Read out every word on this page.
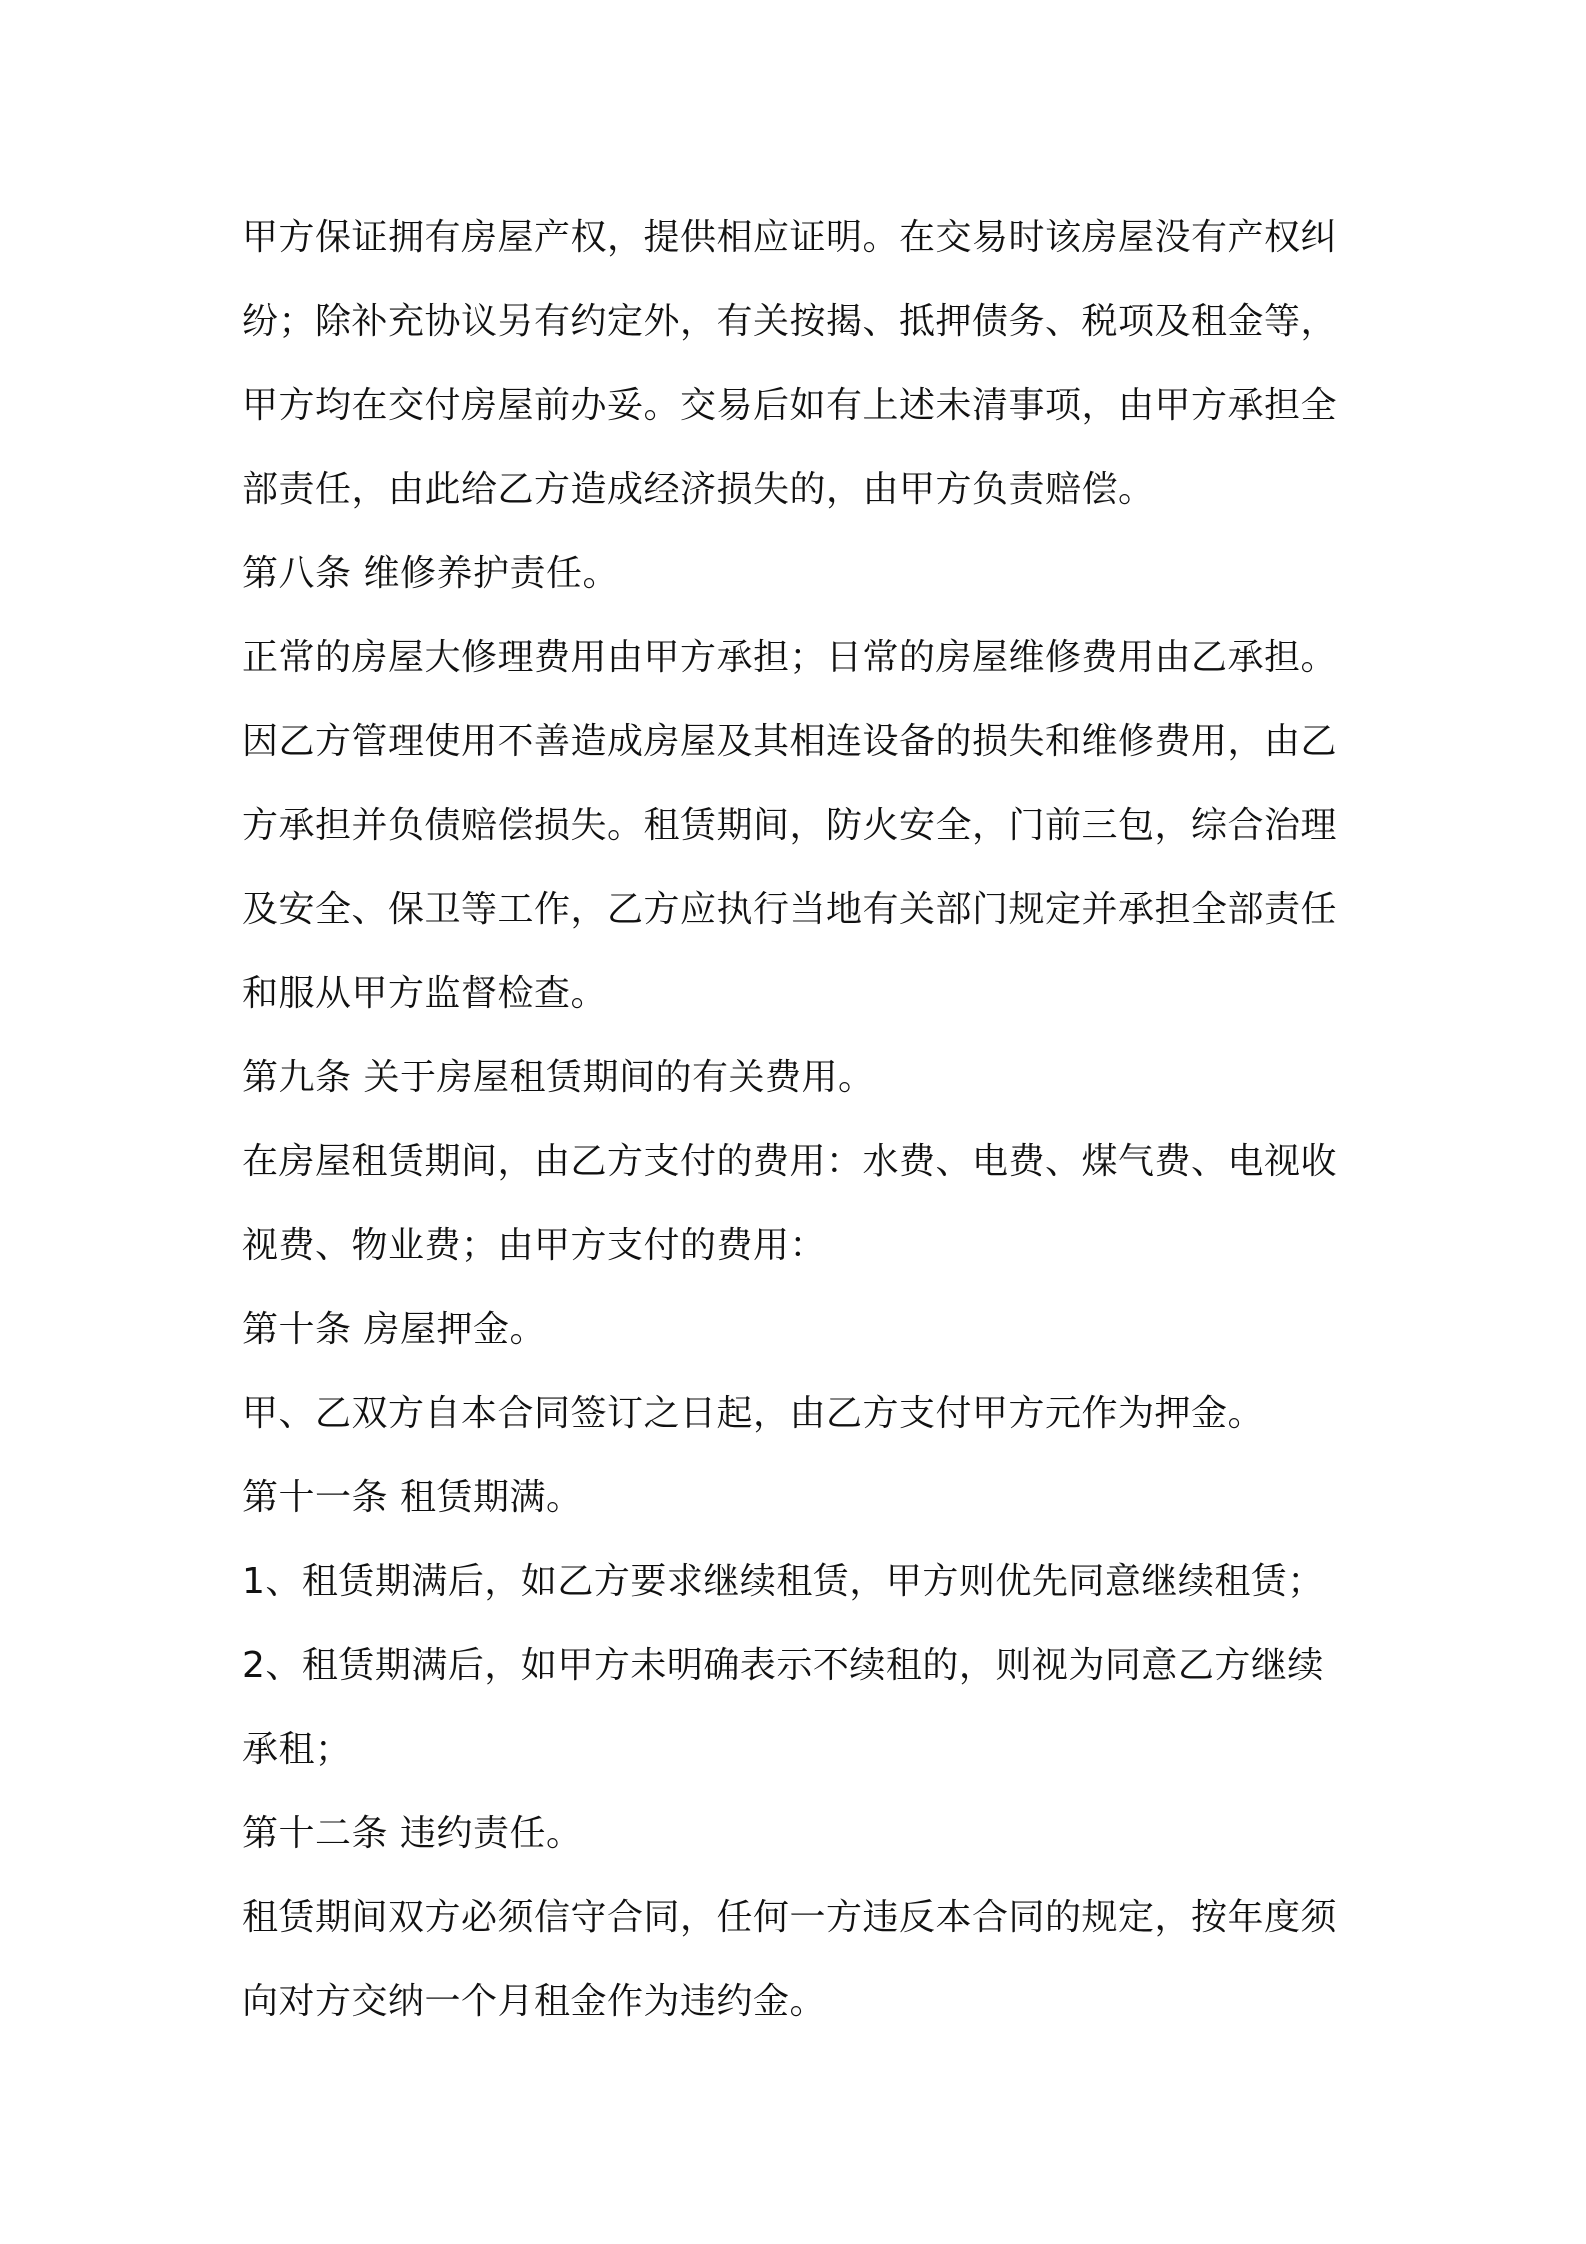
甲方保证拥有房屋产权，提供相应证明。在交易时该房屋没有产权纠
纷；除补充协议另有约定外，有关按揭、抵押债务、税项及租金等，
甲方均在交付房屋前办妥。交易后如有上述未清事项，由甲方承担全
部责任，由此给乙方造成经济损失的，由甲方负责赔偿。
第八条 维修养护责任。
正常的房屋大修理费用由甲方承担；日常的房屋维修费用由乙承担。
因乙方管理使用不善造成房屋及其相连设备的损失和维修费用，由乙
方承担并负债赔偿损失。租赁期间，防火安全，门前三包，综合治理
及安全、保卫等工作，乙方应执行当地有关部门规定并承担全部责任
和服从甲方监督检查。
第九条 关于房屋租赁期间的有关费用。
在房屋租赁期间，由乙方支付的费用：水费、电费、煤气费、电视收
视费、物业费；由甲方支付的费用：
第十条 房屋押金。
甲、乙双方自本合同签订之日起，由乙方支付甲方元作为押金。
第十一条 租赁期满。
1、租赁期满后，如乙方要求继续租赁，甲方则优先同意继续租赁；
2、租赁期满后，如甲方未明确表示不续租的，则视为同意乙方继续
承租；
第十二条 违约责任。
租赁期间双方必须信守合同，任何一方违反本合同的规定，按年度须
向对方交纳一个月租金作为违约金。
